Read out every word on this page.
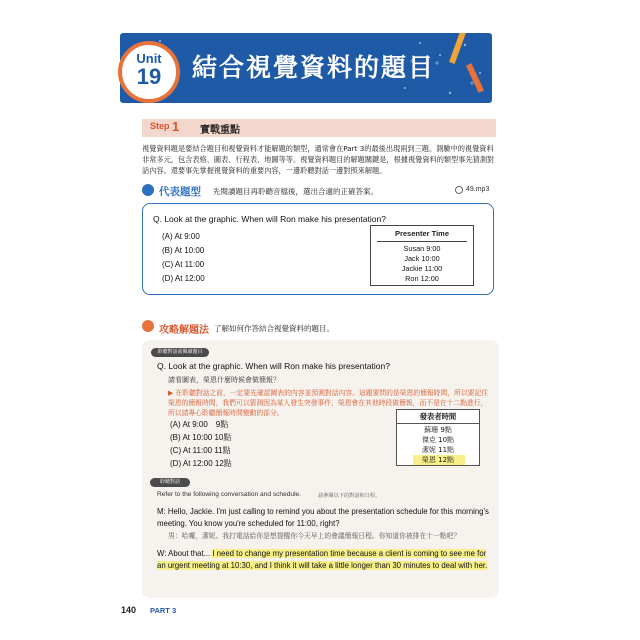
Unit
19	結合視覺資料的題目
Step 1 實戰重點
視覺資料題是要結合題目和視覺資料才能解題的類型，通常會在Part 3的最後出現兩到三題。測驗中的視覺資料非常多元，包含表格、圖表、行程表、地圖等等。視覺資料題目的解題關鍵是，根據視覺資料的類型事先猜測對話內容。還要事先掌握視覺資料的重要內容，一邊聆聽對話一邊對照來解題。
代表題型 先閱讀題目再聆聽音檔後，選出合適的正確答案。	49.mp3
Q. Look at the graphic. When will Ron make his presentation?
(A) At 9:00
(B) At 10:00
(C) At 11:00
(D) At 12:00
Presenter Time
Susan 9:00
Jack 10:00
Jackie 11:00
Ron 12:00
攻略解題法 了解如何作答結合視覺資料的題目。
聆聽對話前閱讀題目
Q. Look at the graphic. When will Ron make his presentation?
請看圖表，榮恩什麼時候會做簡報？
▶ 在聆聽對話之前，一定要先確認圖表的內容並預測對話內容。這題要問的是榮恩的簡報時間，所以要記住榮恩的簡報時間，我們可以猜測因為某人發生突發事件，榮恩會在其他時段做簡報，而不是在十二點進行，所以請專心聆聽簡報時間變動的部分。
(A) At 9:00　9點
(B) At 10:00 10點
(C) At 11:00 11點
(D) At 12:00 12點
發表者時間
蘇珊 9點
傑克 10點
潔妮 11點
榮恩 12點
聆聽對話
Refer to the following conversation and schedule.	請參閱以下的對話和日程。
M: Hello, Jackie. I'm just calling to remind you about the presentation schedule for this morning's meeting. You know you're scheduled for 11:00, right?
男：哈囉，潔妮。我打電話給你是想提醒你今天早上的會議簡報日程。你知道你被排在十一點吧？
W: About that... I need to change my presentation time because a client is coming to see me for an urgent meeting at 10:30, and I think it will take a little longer than 30 minutes to deal with her.
140 PART 3
